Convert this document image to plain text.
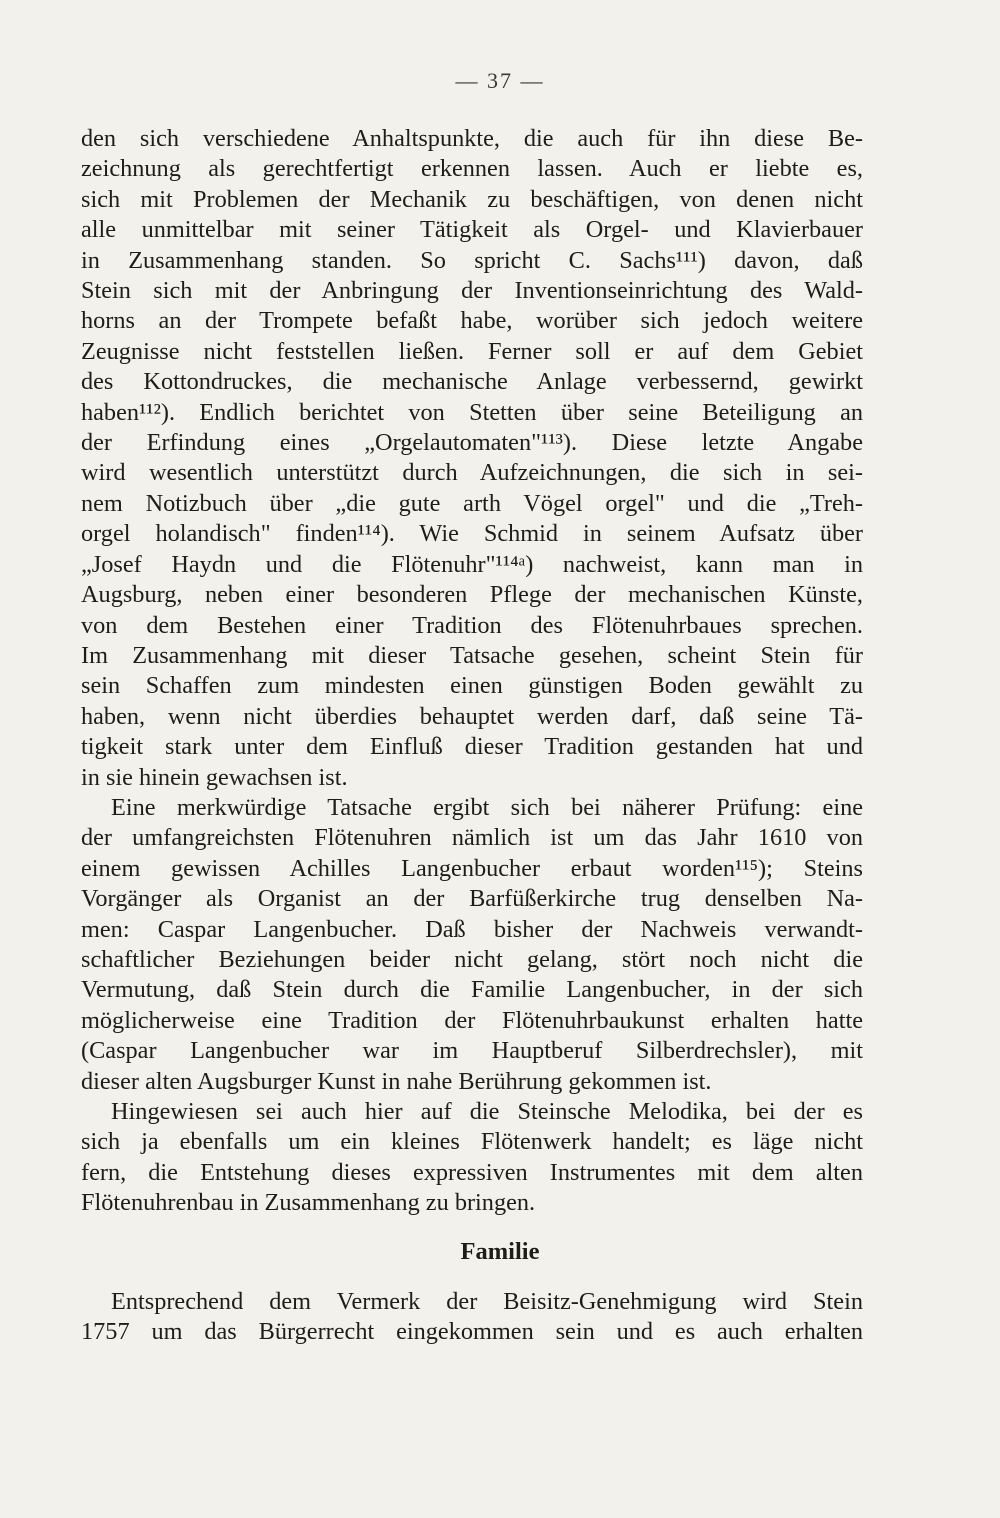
— 37 —
den sich verschiedene Anhaltspunkte, die auch für ihn diese Be-
zeichnung als gerechtfertigt erkennen lassen. Auch er liebte es,
sich mit Problemen der Mechanik zu beschäftigen, von denen nicht
alle unmittelbar mit seiner Tätigkeit als Orgel- und Klavierbauer
in Zusammenhang standen. So spricht C. Sachs¹¹¹) davon, daß
Stein sich mit der Anbringung der Inventionseinrichtung des Wald-
horns an der Trompete befaßt habe, worüber sich jedoch weitere
Zeugnisse nicht feststellen ließen. Ferner soll er auf dem Gebiet
des Kottondruckes, die mechanische Anlage verbessernd, gewirkt
haben¹¹²). Endlich berichtet von Stetten über seine Beteiligung an
der Erfindung eines „Orgelautomaten"¹¹³). Diese letzte Angabe
wird wesentlich unterstützt durch Aufzeichnungen, die sich in sei-
nem Notizbuch über „die gute arth Vögel orgel" und die „Treh-
orgel holandisch" finden¹¹⁴). Wie Schmid in seinem Aufsatz über
„Josef Haydn und die Flötenuhr"¹¹⁴ᵃ) nachweist, kann man in
Augsburg, neben einer besonderen Pflege der mechanischen Künste,
von dem Bestehen einer Tradition des Flötenuhrbaues sprechen.
Im Zusammenhang mit dieser Tatsache gesehen, scheint Stein für
sein Schaffen zum mindesten einen günstigen Boden gewählt zu
haben, wenn nicht überdies behauptet werden darf, daß seine Tä-
tigkeit stark unter dem Einfluß dieser Tradition gestanden hat und
in sie hinein gewachsen ist.
Eine merkwürdige Tatsache ergibt sich bei näherer Prüfung: eine
der umfangreichsten Flötenuhren nämlich ist um das Jahr 1610 von
einem gewissen Achilles Langenbucher erbaut worden¹¹⁵); Steins
Vorgänger als Organist an der Barfüßerkirche trug denselben Na-
men: Caspar Langenbucher. Daß bisher der Nachweis verwandt-
schaftlicher Beziehungen beider nicht gelang, stört noch nicht die
Vermutung, daß Stein durch die Familie Langenbucher, in der sich
möglicherweise eine Tradition der Flötenuhrbaukunst erhalten hatte
(Caspar Langenbucher war im Hauptberuf Silberdrechsler), mit
dieser alten Augsburger Kunst in nahe Berührung gekommen ist.
Hingewiesen sei auch hier auf die Steinsche Melodika, bei der es
sich ja ebenfalls um ein kleines Flötenwerk handelt; es läge nicht
fern, die Entstehung dieses expressiven Instrumentes mit dem alten
Flötenuhrenbau in Zusammenhang zu bringen.
Familie
Entsprechend dem Vermerk der Beisitz-Genehmigung wird Stein
1757 um das Bürgerrecht eingekommen sein und es auch erhalten
